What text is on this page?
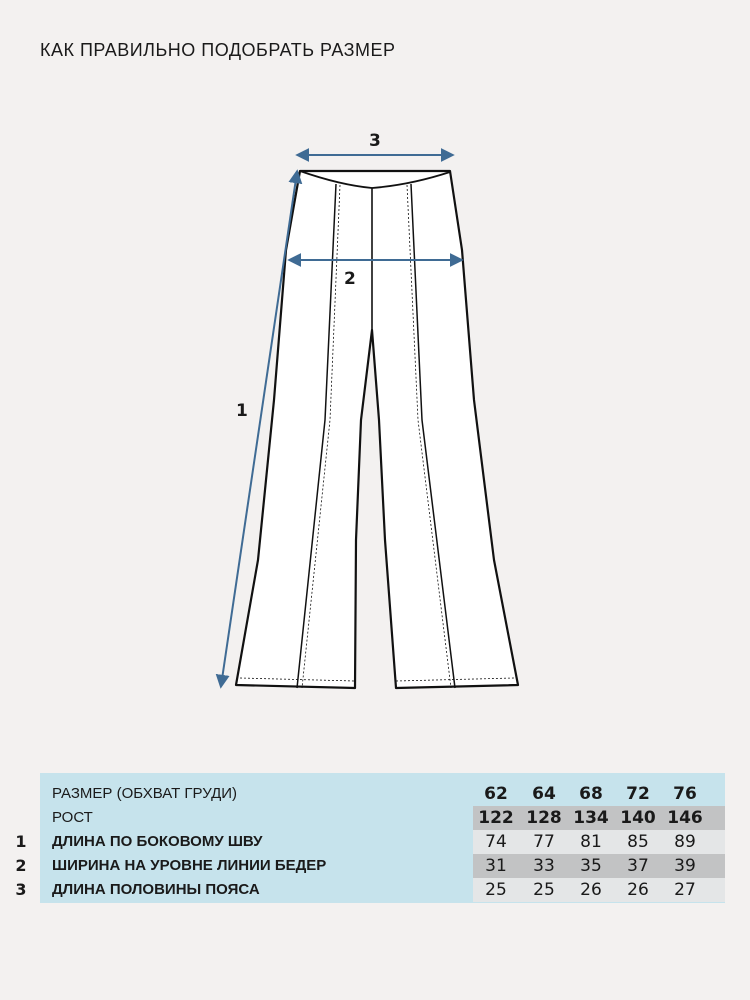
КАК ПРАВИЛЬНО ПОДОБРАТЬ РАЗМЕР
3
2
1
РАЗМЕР (ОБХВАТ ГРУДИ)	62	64	68	72	76
РОСТ	122 128 134 140 146
1 ДЛИНА ПО БОКОВОМУ ШВУ	74	77	81	85	89
2 ШИРИНА НА УРОВНЕ ЛИНИИ БЕДЕР	31	33	35	37	39
3 ДЛИНА ПОЛОВИНЫ ПОЯСА	25	25	26	26	27
